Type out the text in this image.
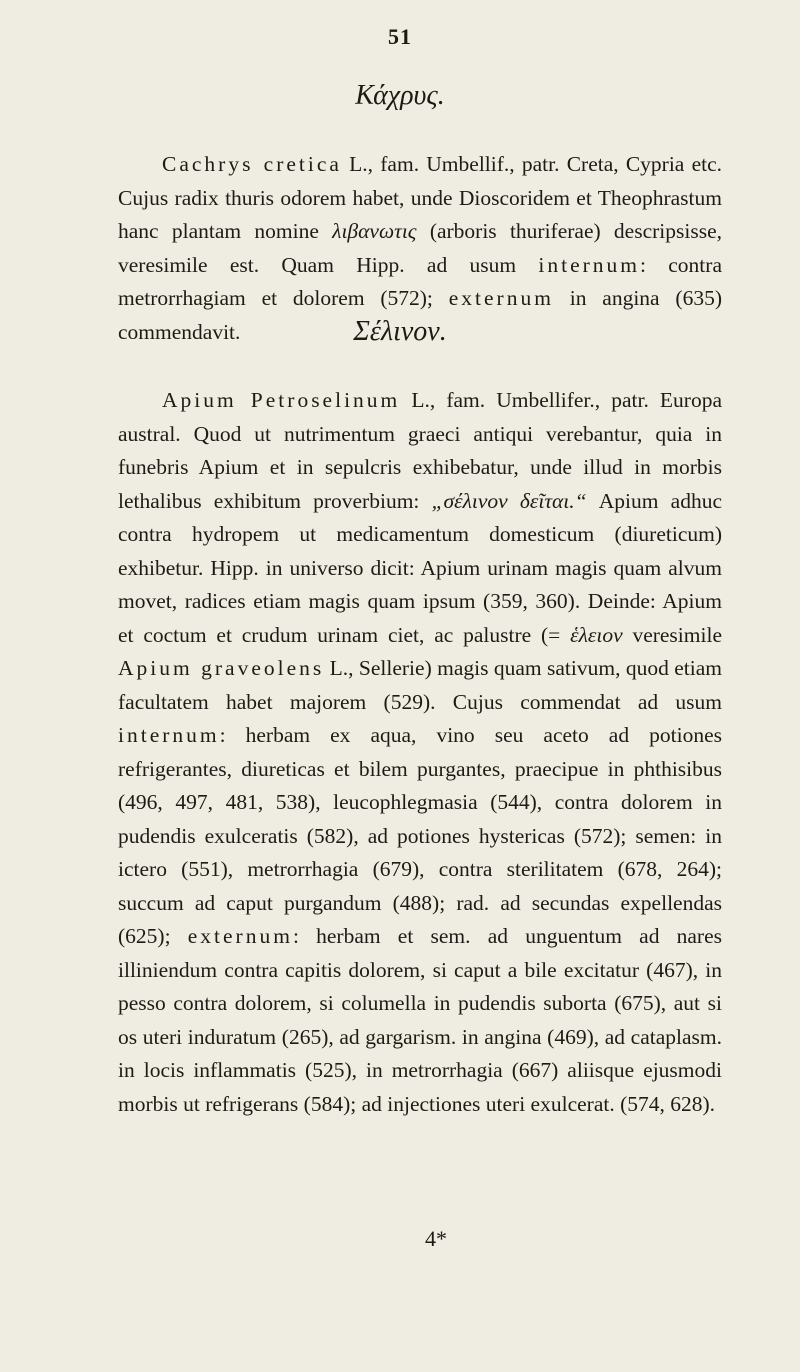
51
Κάχρυς.

Cachrys cretica L., fam. Umbellif., patr. Creta, Cypria etc. Cujus radix thuris odorem habet, unde Dioscoridem et Theophrastum hanc plantam nomine λιβανωτις (arboris thuriferae) descripsisse, veresimile est. Quam Hipp. ad usum internum: contra metrorrhagiam et dolorem (572); externum in angina (635) commendavit.	Σέλινον.

Apium Petroselinum L., fam. Umbellifer., patr. Europa austral. Quod ut nutrimentum graeci antiqui verebantur, quia in funebris Apium et in sepulcris exhibebatur, unde illud in morbis lethalibus exhibitum proverbium: „σέλινον δεῖται.“ Apium adhuc contra hydropem ut medicamentum domesticum (diureticum) exhibetur. Hipp. in universo dicit: Apium urinam magis quam alvum movet, radices etiam magis quam ipsum (359, 360). Deinde: Apium et coctum et crudum urinam ciet, ac palustre (= ἑλειον veresimile Apium graveolens L., Sellerie) magis quam sativum, quod etiam facultatem habet majorem (529). Cujus commendat ad usum internum: herbam ex aqua, vino seu aceto ad potiones refrigerantes, diureticas et bilem purgantes, praecipue in phthisibus (496, 497, 481, 538), leucophlegmasia (544), contra dolorem in pudendis exulceratis (582), ad potiones hystericas (572); semen: in ictero (551), metrorrhagia (679), contra sterilitatem (678, 264); succum ad caput purgandum (488); rad. ad secundas expellendas (625); externum: herbam et sem. ad unguentum ad nares illiniendum contra capitis dolorem, si caput a bile excitatur (467), in pesso contra dolorem, si columella in pudendis suborta (675), aut si os uteri induratum (265), ad gargarism. in angina (469), ad cataplasm. in locis inflammatis (525), in metrorrhagia (667) aliisque ejusmodi morbis ut refrigerans (584); ad injectiones uteri exulcerat. (574, 628).

4*
